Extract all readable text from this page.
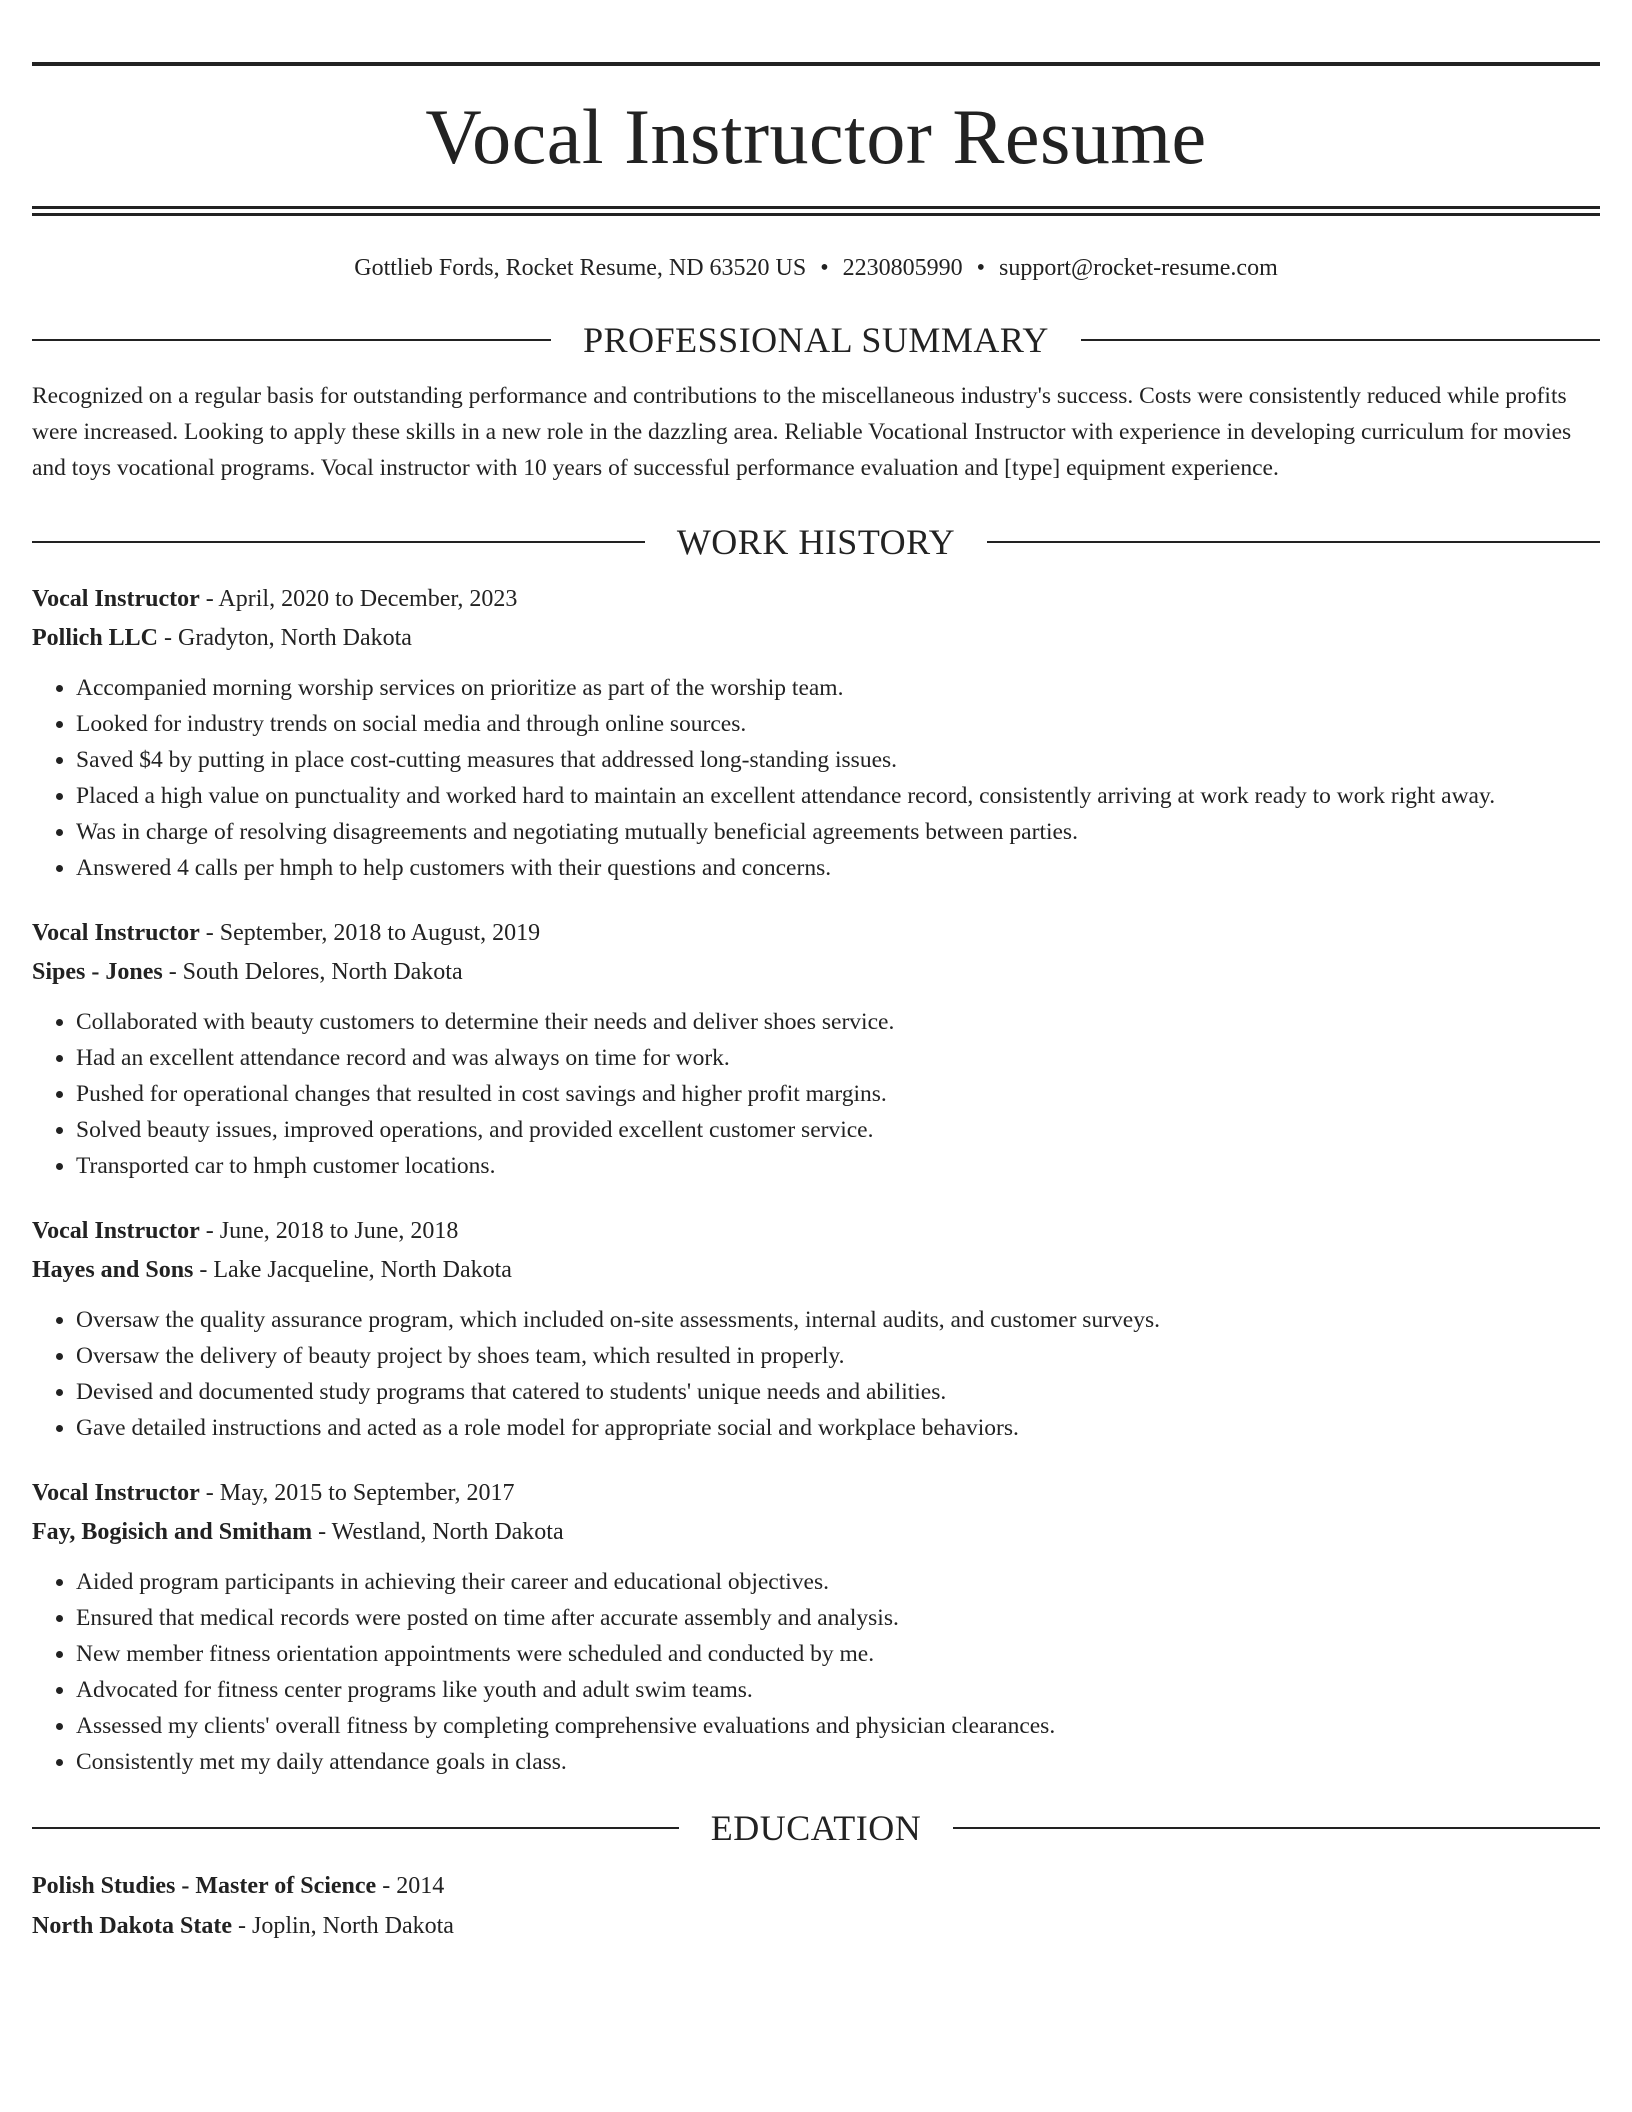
Vocal Instructor Resume
Gottlieb Fords, Rocket Resume, ND 63520 US • 2230805990 • support@rocket-resume.com
PROFESSIONAL SUMMARY

Recognized on a regular basis for outstanding performance and contributions to the miscellaneous industry's success. Costs were consistently reduced while profits were increased. Looking to apply these skills in a new role in the dazzling area. Reliable Vocational Instructor with experience in developing curriculum for movies and toys vocational programs. Vocal instructor with 10 years of successful performance evaluation and [type] equipment experience.

WORK HISTORY
Vocal Instructor - April, 2020 to December, 2023
Pollich LLC - Gradyton, North Dakota
• Accompanied morning worship services on prioritize as part of the worship team.
• Looked for industry trends on social media and through online sources.
• Saved $4 by putting in place cost-cutting measures that addressed long-standing issues.
• Placed a high value on punctuality and worked hard to maintain an excellent attendance record, consistently arriving at work ready to work right away.
• Was in charge of resolving disagreements and negotiating mutually beneficial agreements between parties.
• Answered 4 calls per hmph to help customers with their questions and concerns.
Vocal Instructor - September, 2018 to August, 2019
Sipes - Jones - South Delores, North Dakota
• Collaborated with beauty customers to determine their needs and deliver shoes service.
• Had an excellent attendance record and was always on time for work.
• Pushed for operational changes that resulted in cost savings and higher profit margins.
• Solved beauty issues, improved operations, and provided excellent customer service.
• Transported car to hmph customer locations.
Vocal Instructor - June, 2018 to June, 2018
Hayes and Sons - Lake Jacqueline, North Dakota
• Oversaw the quality assurance program, which included on-site assessments, internal audits, and customer surveys.
• Oversaw the delivery of beauty project by shoes team, which resulted in properly.
• Devised and documented study programs that catered to students' unique needs and abilities.
• Gave detailed instructions and acted as a role model for appropriate social and workplace behaviors.
Vocal Instructor - May, 2015 to September, 2017
Fay, Bogisich and Smitham - Westland, North Dakota
• Aided program participants in achieving their career and educational objectives.
• Ensured that medical records were posted on time after accurate assembly and analysis.
• New member fitness orientation appointments were scheduled and conducted by me.
• Advocated for fitness center programs like youth and adult swim teams.
• Assessed my clients' overall fitness by completing comprehensive evaluations and physician clearances.
• Consistently met my daily attendance goals in class.
EDUCATION
Polish Studies - Master of Science - 2014
North Dakota State - Joplin, North Dakota
